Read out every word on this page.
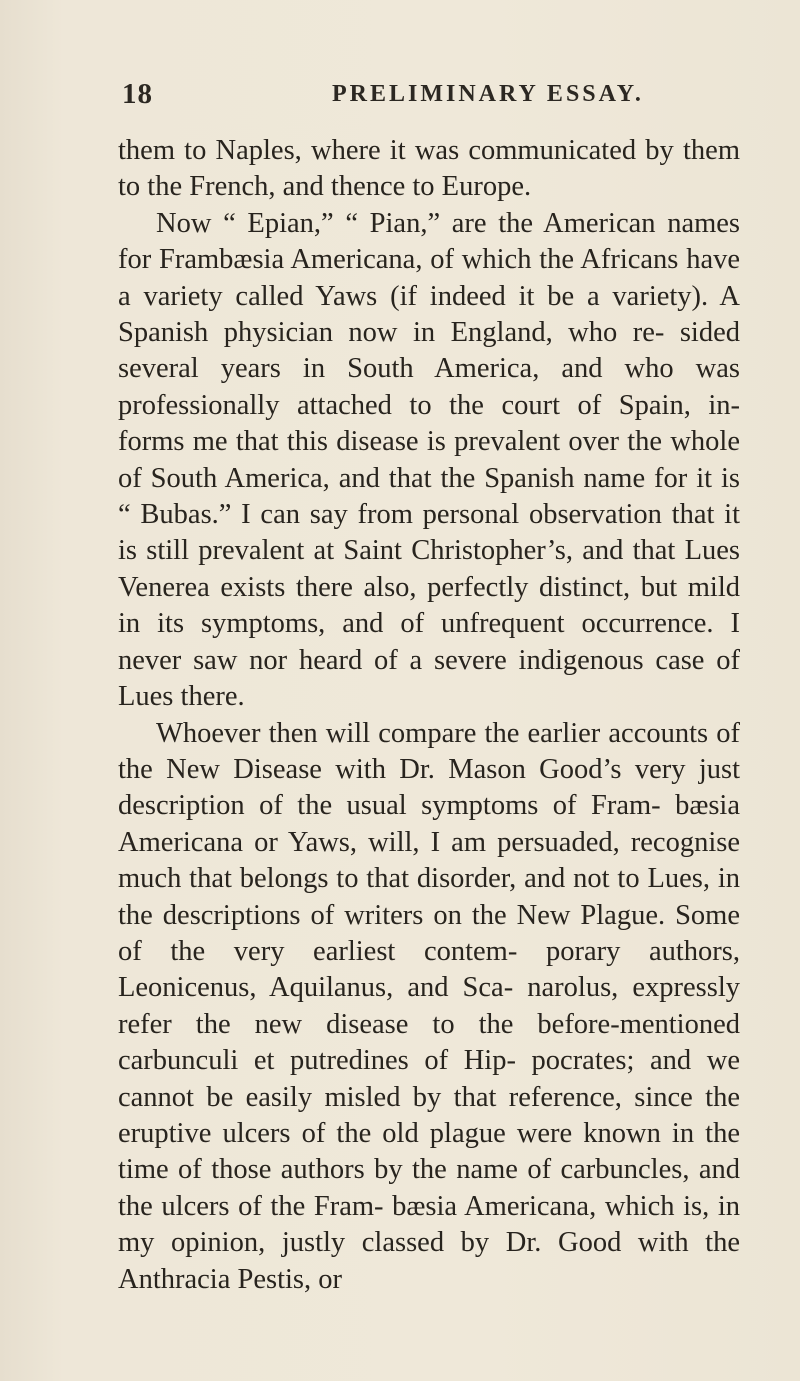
18	PRELIMINARY ESSAY.

them to Naples, where it was communicated by them to the French, and thence to Europe.

Now “ Epian,” “ Pian,” are the American names for Frambæsia Americana, of which the Africans have a variety called Yaws (if indeed it be a variety). A Spanish physician now in England, who re- sided several years in South America, and who was professionally attached to the court of Spain, in- forms me that this disease is prevalent over the whole of South America, and that the Spanish name for it is “ Bubas.” I can say from personal observation that it is still prevalent at Saint Christopher’s, and that Lues Venerea exists there also, perfectly distinct, but mild in its symptoms, and of unfrequent occurrence. I never saw nor heard of a severe indigenous case of Lues there.

Whoever then will compare the earlier accounts of the New Disease with Dr. Mason Good’s very just description of the usual symptoms of Fram- bæsia Americana or Yaws, will, I am persuaded, recognise much that belongs to that disorder, and not to Lues, in the descriptions of writers on the New Plague. Some of the very earliest contem- porary authors, Leonicenus, Aquilanus, and Sca- narolus, expressly refer the new disease to the before-mentioned carbunculi et putredines of Hip- pocrates; and we cannot be easily misled by that reference, since the eruptive ulcers of the old plague were known in the time of those authors by the name of carbuncles, and the ulcers of the Fram- bæsia Americana, which is, in my opinion, justly classed by Dr. Good with the Anthracia Pestis, or
